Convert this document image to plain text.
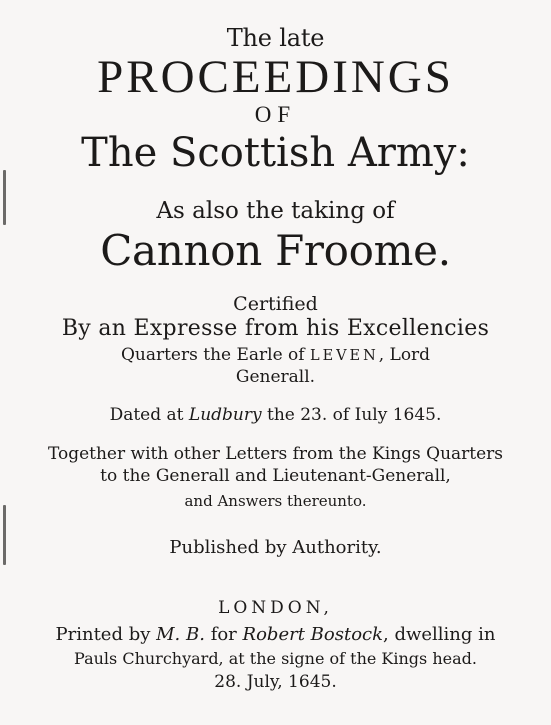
The late
PROCEEDINGS
OF
The Scottish Army:
As also the taking of
Cannon Froome.
Certified
By an Expresse from his Excellencies
Quarters the Earle of LEVEN, Lord
Generall.
Dated at Ludbury the 23. of Iuly 1645.
Together with other Letters from the Kings Quarters
to the Generall and Lieutenant-Generall,
and Answers thereunto.
Published by Authority.
LONDON,
Printed by M. B. for Robert Bostock, dwelling in
Pauls Churchyard, at the signe of the Kings head.
28. July, 1645.
